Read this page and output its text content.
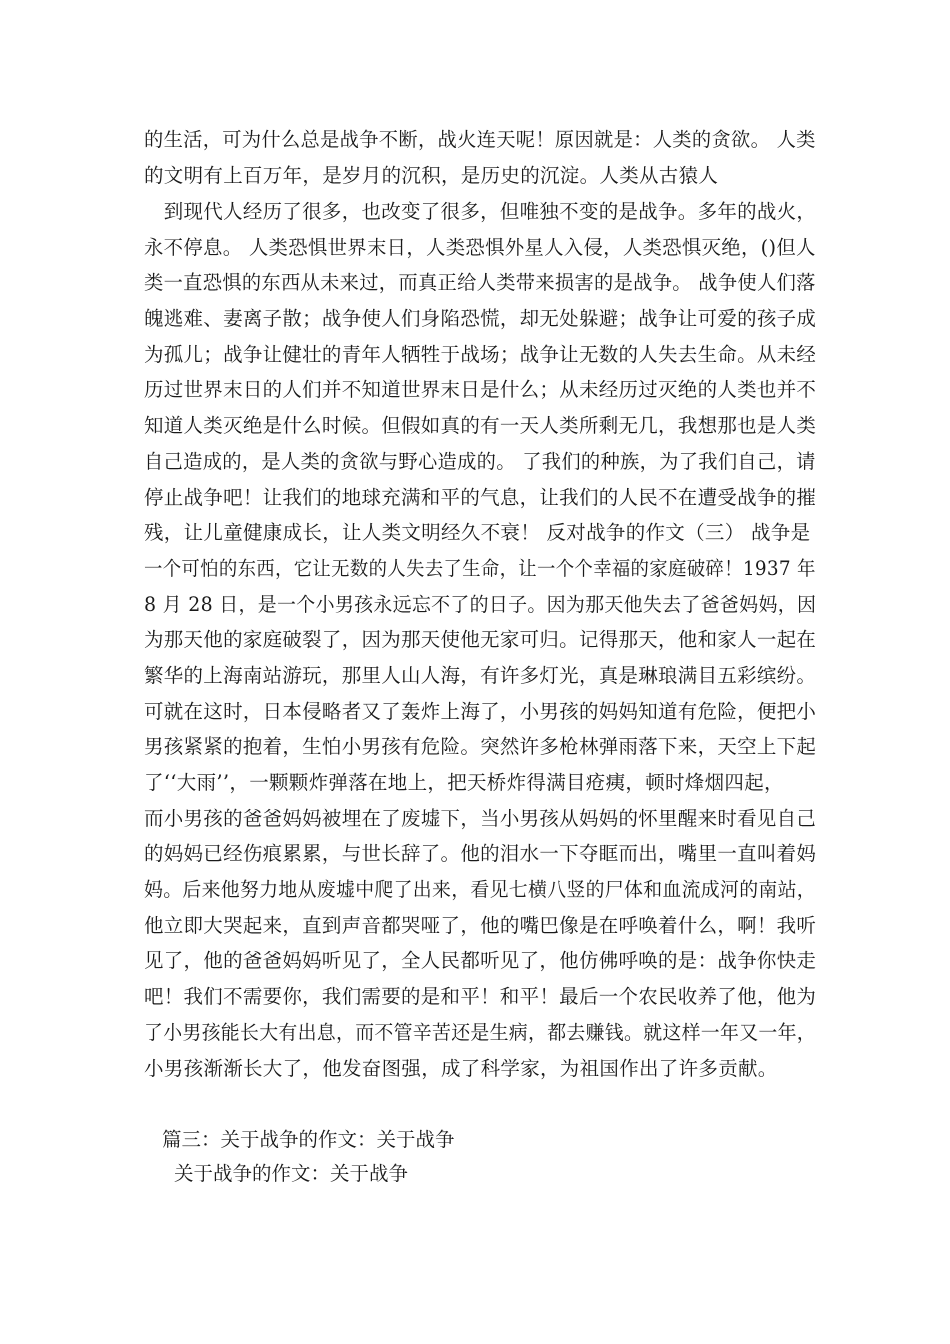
的生活，可为什么总是战争不断，战火连天呢！原因就是：人类的贪欲。 人类
的文明有上百万年，是岁月的沉积，是历史的沉淀。人类从古猿人
　到现代人经历了很多，也改变了很多，但唯独不变的是战争。多年的战火，
永不停息。 人类恐惧世界末日，人类恐惧外星人入侵，人类恐惧灭绝，()但人
类一直恐惧的东西从未来过，而真正给人类带来损害的是战争。 战争使人们落
魄逃难、妻离子散；战争使人们身陷恐慌，却无处躲避；战争让可爱的孩子成
为孤儿；战争让健壮的青年人牺牲于战场；战争让无数的人失去生命。从未经
历过世界末日的人们并不知道世界末日是什么；从未经历过灭绝的人类也并不
知道人类灭绝是什么时候。但假如真的有一天人类所剩无几，我想那也是人类
自己造成的，是人类的贪欲与野心造成的。 了我们的种族，为了我们自己，请
停止战争吧！让我们的地球充满和平的气息，让我们的人民不在遭受战争的摧
残，让儿童健康成长，让人类文明经久不衰！ 反对战争的作文（三） 战争是
一个可怕的东西，它让无数的人失去了生命，让一个个幸福的家庭破碎！1937 年
8 月 28 日，是一个小男孩永远忘不了的日子。因为那天他失去了爸爸妈妈，因
为那天他的家庭破裂了，因为那天使他无家可归。记得那天，他和家人一起在
繁华的上海南站游玩，那里人山人海，有许多灯光，真是琳琅满目五彩缤纷。
可就在这时，日本侵略者又了轰炸上海了，小男孩的妈妈知道有危险，便把小
男孩紧紧的抱着，生怕小男孩有危险。突然许多枪林弹雨落下来，天空上下起
了‘‘大雨’’，一颗颗炸弹落在地上，把天桥炸得满目疮痍，顿时烽烟四起，
而小男孩的爸爸妈妈被埋在了废墟下，当小男孩从妈妈的怀里醒来时看见自己
的妈妈已经伤痕累累，与世长辞了。他的泪水一下夺眶而出，嘴里一直叫着妈
妈。后来他努力地从废墟中爬了出来，看见七横八竖的尸体和血流成河的南站，
他立即大哭起来，直到声音都哭哑了，他的嘴巴像是在呼唤着什么，啊！我听
见了，他的爸爸妈妈听见了，全人民都听见了，他仿佛呼唤的是：战争你快走
吧！我们不需要你，我们需要的是和平！和平！最后一个农民收养了他，他为
了小男孩能长大有出息，而不管辛苦还是生病，都去赚钱。就这样一年又一年，
小男孩渐渐长大了，他发奋图强，成了科学家，为祖国作出了许多贡献。
篇三：关于战争的作文：关于战争
关于战争的作文：关于战争
